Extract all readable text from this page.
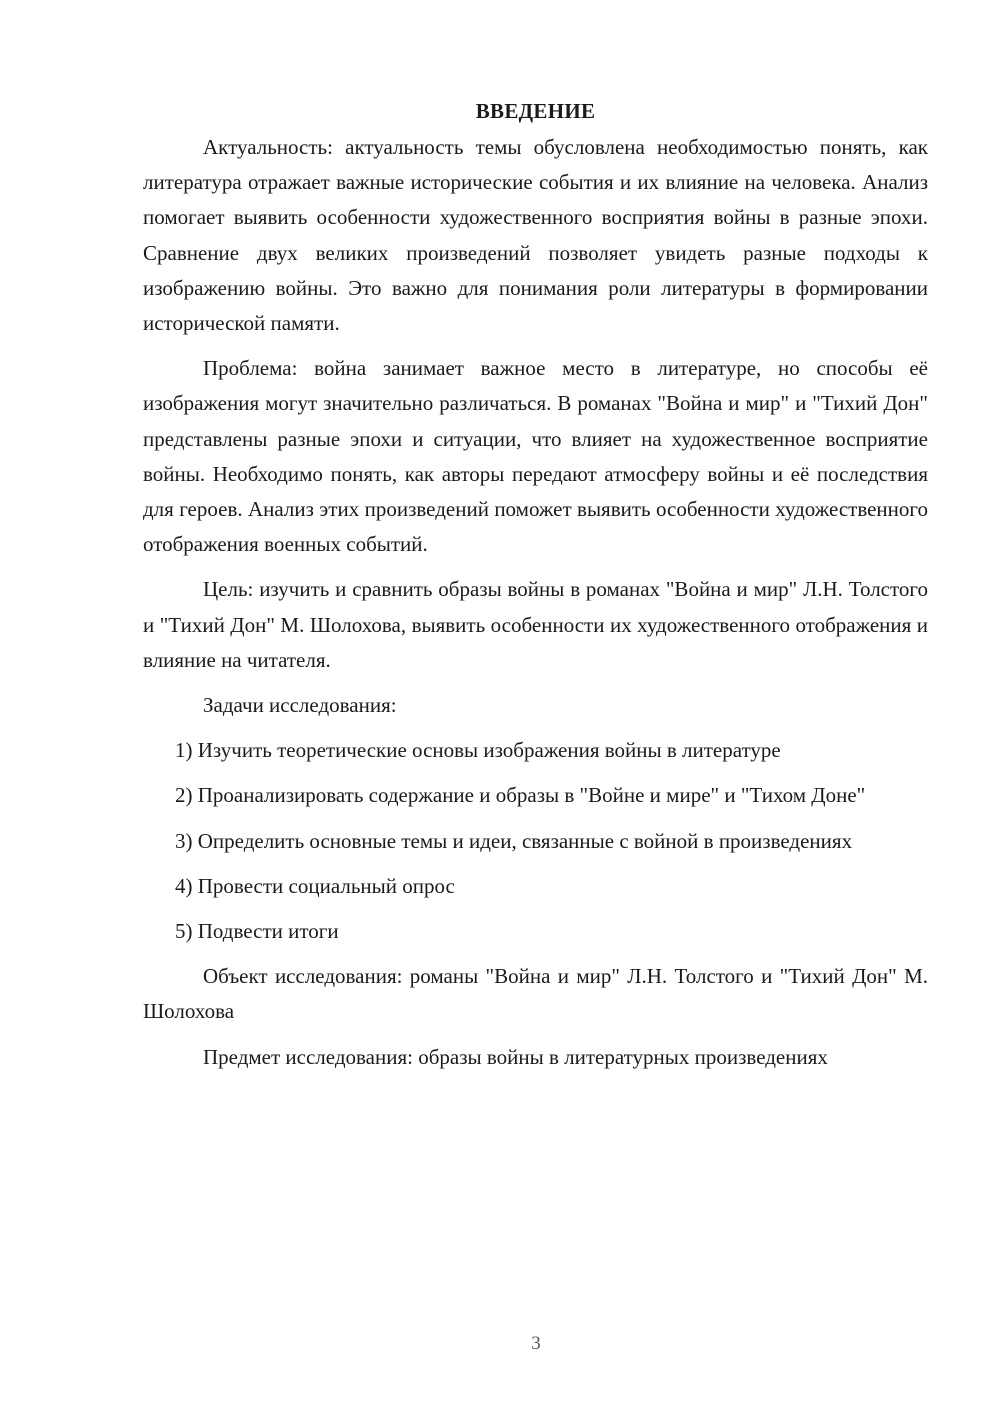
ВВЕДЕНИЕ

Актуальность: актуальность темы обусловлена необходимостью понять, как литература отражает важные исторические события и их влияние на человека. Анализ помогает выявить особенности художественного восприятия войны в разные эпохи. Сравнение двух великих произведений позволяет увидеть разные подходы к изображению войны. Это важно для понимания роли литературы в формировании исторической памяти.

Проблема: война занимает важное место в литературе, но способы её изображения могут значительно различаться. В романах "Война и мир" и "Тихий Дон" представлены разные эпохи и ситуации, что влияет на художественное восприятие войны. Необходимо понять, как авторы передают атмосферу войны и её последствия для героев. Анализ этих произведений поможет выявить особенности художественного отображения военных событий.

Цель: изучить и сравнить образы войны в романах "Война и мир" Л.Н. Толстого и "Тихий Дон" М. Шолохова, выявить особенности их художественного отображения и влияние на читателя.

Задачи исследования:

1) Изучить теоретические основы изображения войны в литературе

2) Проанализировать содержание и образы в "Войне и мире" и "Тихом Доне"

3) Определить основные темы и идеи, связанные с войной в произведениях

4) Провести социальный опрос

5) Подвести итоги

Объект исследования: романы "Война и мир" Л.Н. Толстого и "Тихий Дон" М. Шолохова

Предмет исследования: образы войны в литературных произведениях

3
